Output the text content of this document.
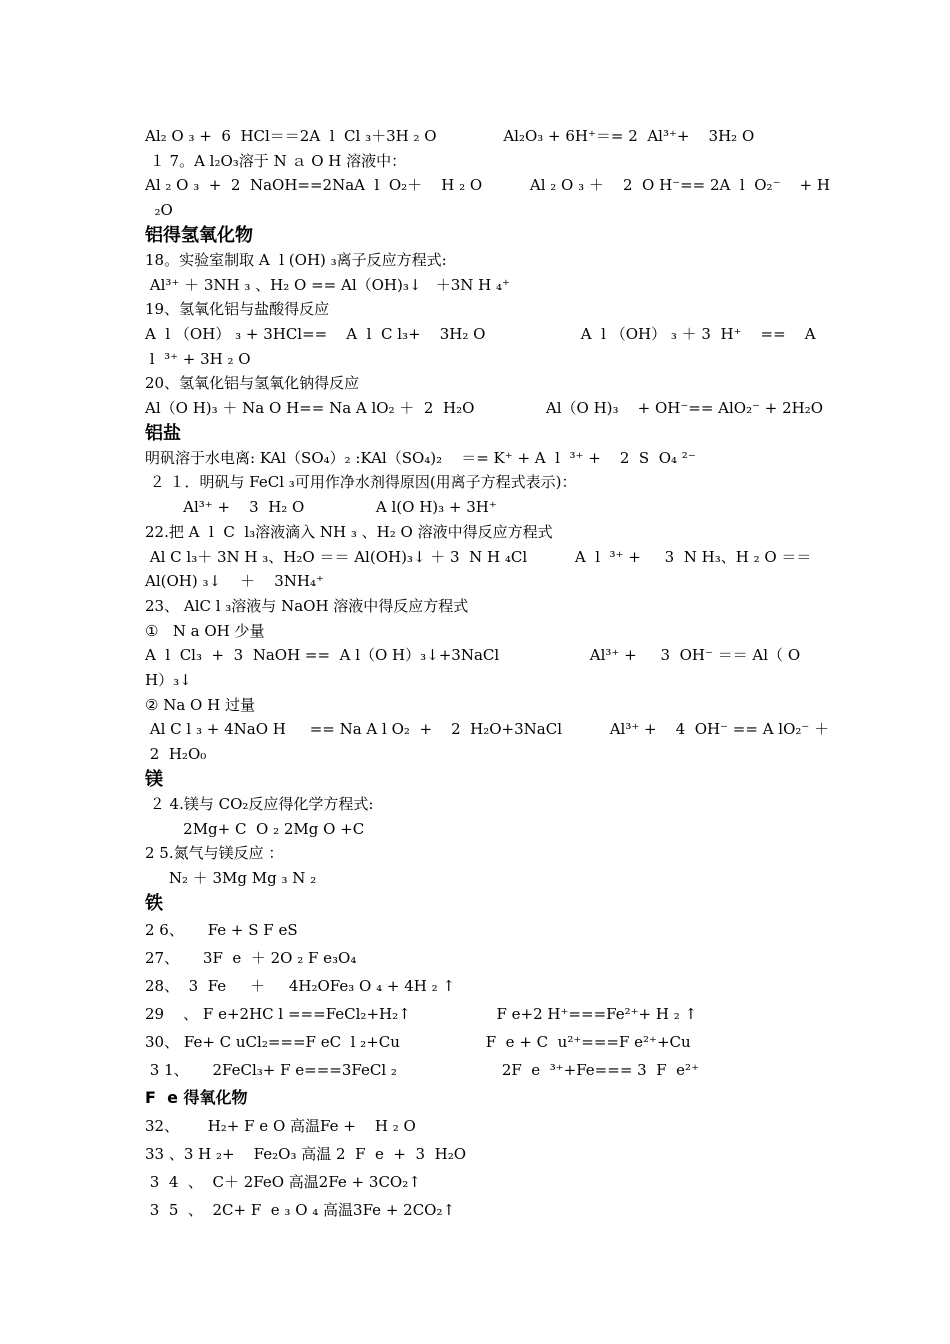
Al₂ O ₃ +  6  HCl＝＝2A  l  Cl ₃＋3H ₂ O              Al₂O₃ + 6H⁺＝= 2  Al³⁺+    3H₂ O
１ 7。A l₂O₃溶于 N ａ O H 溶液中：
Al ₂ O ₃  +  2  NaOH==2NaA  l  O₂＋    H ₂ O          Al ₂ O ₃ ＋    2  O H⁻== 2A  l  O₂⁻    + H
₂O
铝得氢氧化物
18。实验室制取 A  l (OH) ₃离子反应方程式:
Al³⁺ ＋ 3NH ₃ 、H₂ O == Al（OH)₃↓   ＋3N H ₄⁺
19、氢氧化铝与盐酸得反应
A  l （OH） ₃ + 3HCl==    A  l  C l₃+    3H₂ O                    A  l （OH） ₃ ＋ 3  H⁺    ==    A
l  ³⁺ + 3H ₂ O
20、氢氧化铝与氢氧化钠得反应
Al（O H)₃ ＋ Na O H== Na A lO₂ ＋  2  H₂O               Al（O H)₃    + OH⁻== AlO₂⁻ + 2H₂O
铝盐
明矾溶于水电离: KAl（SO₄）₂ :KAl（SO₄)₂    ＝= K⁺ + A  l  ³⁺ +    2  S  O₄ ²⁻
２ １．明矾与 FeCl ₃可用作净水剂得原因(用离子方程式表示)：
Al³⁺ +    3  H₂ O               A l(O H)₃ + 3H⁺
22.把 A  l  C  l₃溶液滴入 NH ₃ 、H₂ O 溶液中得反应方程式
Al C l₃＋ 3N H ₃、H₂O ＝＝ Al(OH)₃↓ ＋ 3  N H ₄Cl          A  l  ³⁺ +     3  N H₃、H ₂ O ＝＝
Al(OH) ₃↓    ＋    3NH₄⁺
23、 AlC l ₃溶液与 NaOH 溶液中得反应方程式
①   N a OH 少量
A  l  Cl₃  +  3  NaOH ==  A l（O H）₃↓+3NaCl                   Al³⁺ +     3  OH⁻ ＝＝ Al（ O
H）₃↓
② Na O H 过量
Al C l ₃ + 4NaO H     == Na A l O₂  +    2  H₂O+3NaCl          Al³⁺ +    4  OH⁻ == A lO₂⁻ ＋
2  H₂O₀
镁
２ 4.镁与 CO₂反应得化学方程式:
2Mg+ C  O ₂ 2Mg O +C
2 5.氮气与镁反应 ：
N₂ ＋ 3Mg Mg ₃ N ₂
铁
2 6、     Fe + S F eS
27、     3F  e  ＋ 2O ₂ F e₃O₄
28、  3  Fe     ＋     4H₂OFe₃ O ₄ + 4H ₂ ↑
29    、 F e+2HC l ===FeCl₂+H₂↑                  F e+2 H⁺===Fe²⁺+ H ₂ ↑
30、 Fe+ C uCl₂===F eC  l ₂+Cu                  F  e + C  u²⁺===F e²⁺+Cu
3 1、     2FeCl₃+ F e===3FeCl ₂                      2F  e  ³⁺+Fe=== 3  F  e²⁺
F  e 得氧化物
32、      H₂+ F e O 高温Fe +    H ₂ O
33 、3 H ₂+    Fe₂O₃ 高温 2  F  e  +  3  H₂O
3  4  、  C＋ 2FeO 高温2Fe + 3CO₂↑
3  5  、  2C+ F  e ₃ O ₄ 高温3Fe + 2CO₂↑
